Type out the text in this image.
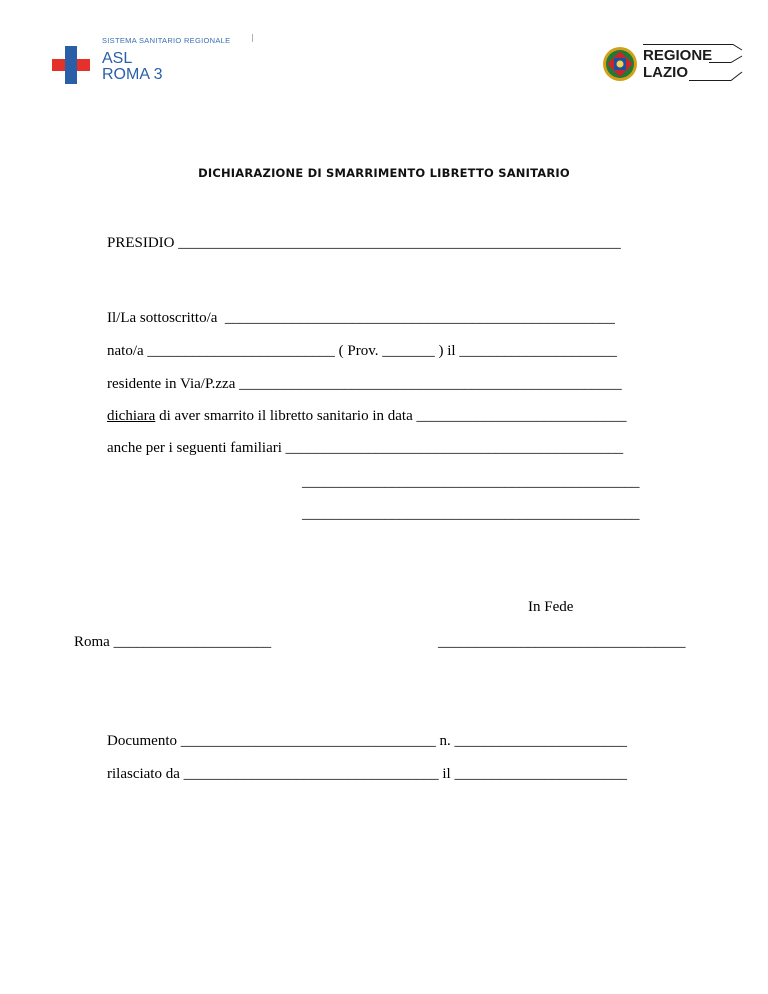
SISTEMA SANITARIO REGIONALE
ASL
ROMA 3
REGIONE
LAZIO
DICHIARAZIONE DI SMARRIMENTO LIBRETTO SANITARIO
PRESIDIO ___________________________________________________________
Il/La sottoscritto/a  ____________________________________________________
nato/a _________________________ ( Prov. _______ ) il _____________________
residente in Via/P.zza ___________________________________________________
dichiara di aver smarrito il libretto sanitario in data ____________________________
anche per i seguenti familiari _____________________________________________
_____________________________________________
_____________________________________________
In Fede
Roma _____________________	_________________________________
Documento __________________________________ n. _______________________
rilasciato da __________________________________ il _______________________
